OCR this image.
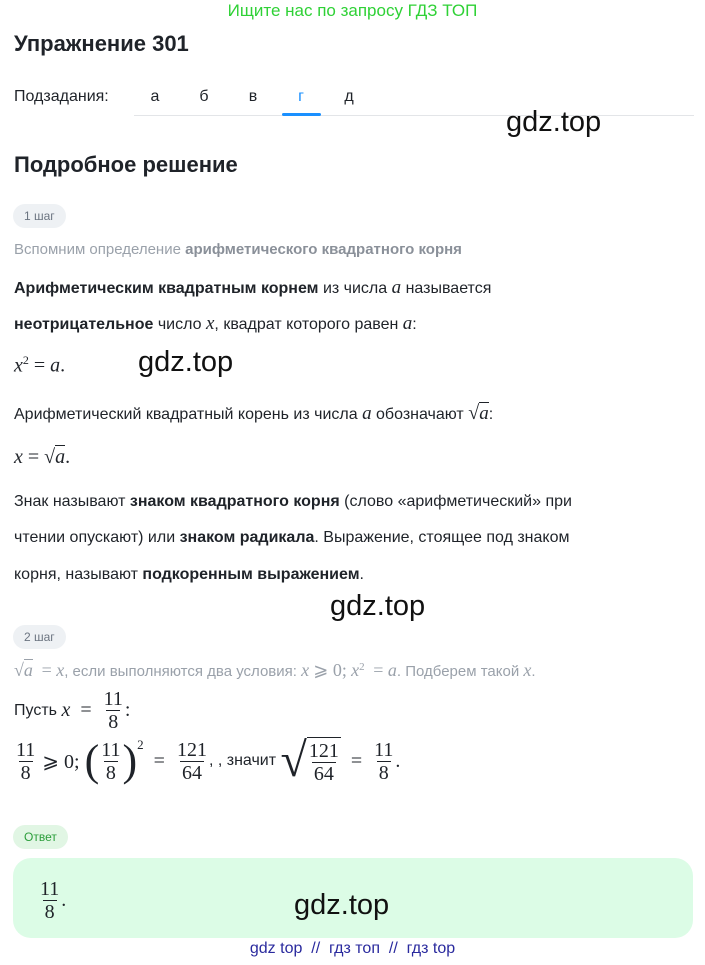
Ищите нас по запросу ГДЗ ТОП
Упражнение 301
Подзадания:	а	б	в	г	д
gdz.top
Подробное решение
1 шаг
Вспомним определение арифметического квадратного корня
Арифметическим квадратным корнем из числа a называется
неотрицательное число x, квадрат которого равен a:
$x^2 = a$.	gdz.top
Арифметический квадратный корень из числа a обозначают √a:
x = √a.
Знак называют знаком квадратного корня (слово «арифметический» при
чтении опускают) или знаком радикала. Выражение, стоящее под знаком
корня, называют подкоренным выражением.
gdz.top
2 шаг
√a  = x, если выполняются два условия: x ⩾ 0; $x^2 = a$. Подберем такой x.
Пусть
$x = \frac{11}{8}$ :
$\frac{11}{8}$ ⩾ 0; ( $\frac{11}{8} )^2$
= $\frac{121}{64}$ , , значит √ $\frac{121}{64} = \frac{11}{8}$ .
Ответ
$\frac{11}{8}$ .	gdz.top
gdz top  //  гдз топ  //  гдз top
